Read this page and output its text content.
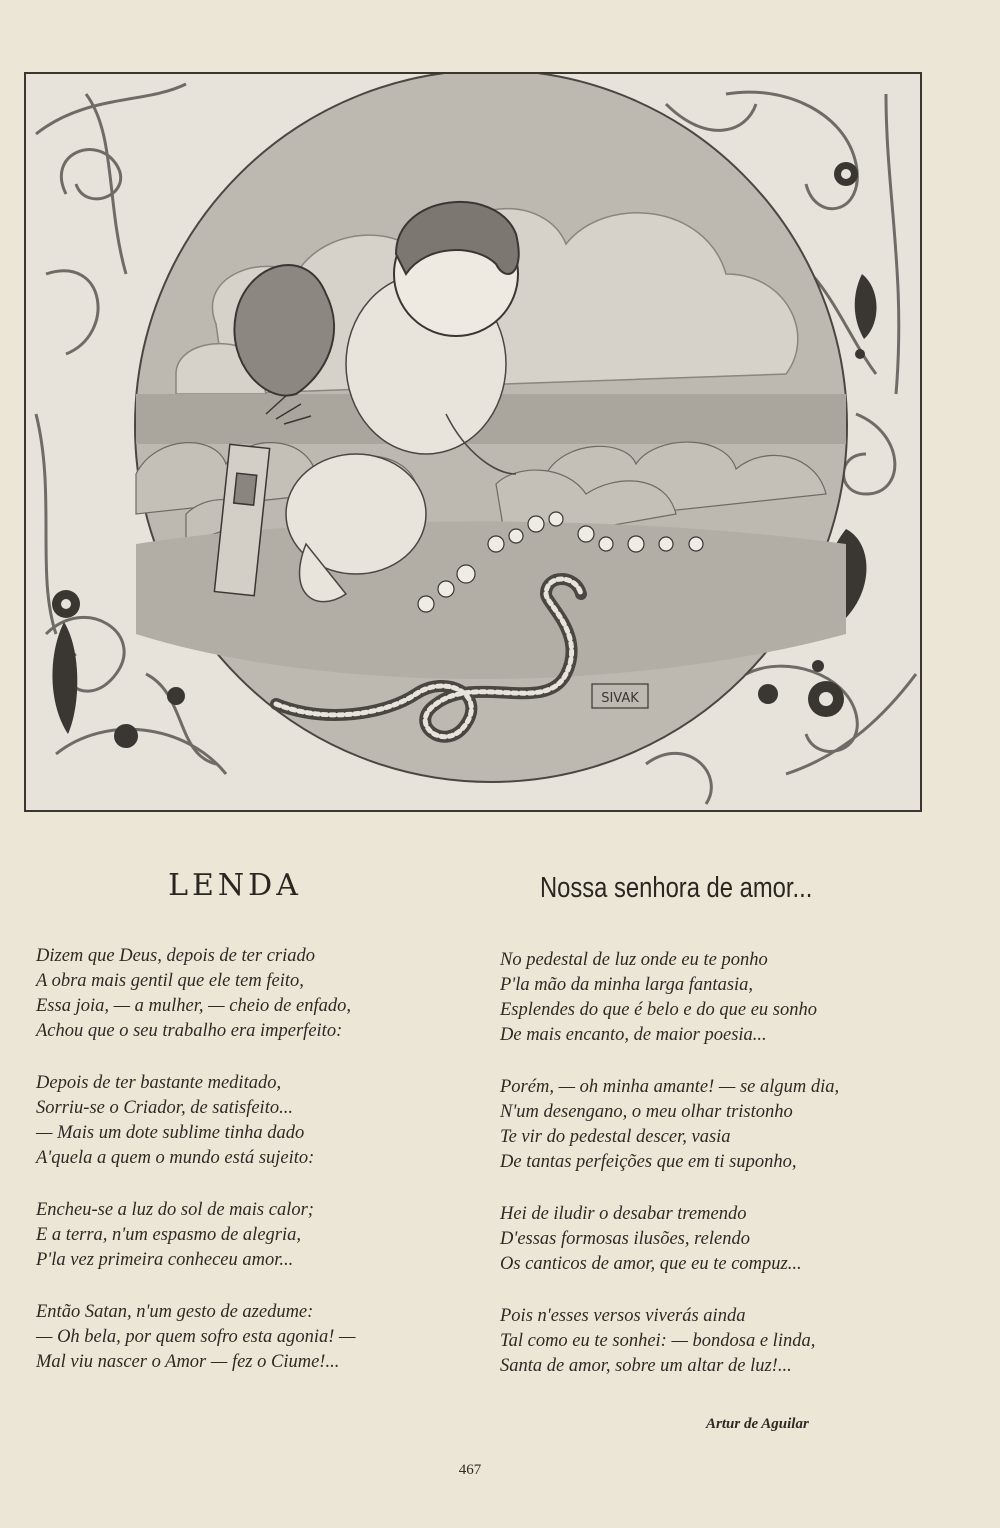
SIVAK
LENDA	Nossa senhora de amor...
Dizem que Deus, depois de ter criado
A obra mais gentil que ele tem feito,
Essa joia, — a mulher, — cheio de enfado,
Achou que o seu trabalho era imperfeito:
Depois de ter bastante meditado,
Sorriu-se o Criador, de satisfeito...
— Mais um dote sublime tinha dado
A'quela a quem o mundo está sujeito:
Encheu-se a luz do sol de mais calor;
E a terra, n'um espasmo de alegria,
P'la vez primeira conheceu amor...
Então Satan, n'um gesto de azedume:
— Oh bela, por quem sofro esta agonia! —
Mal viu nascer o Amor — fez o Ciume!...
No pedestal de luz onde eu te ponho
P'la mão da minha larga fantasia,
Esplendes do que é belo e do que eu sonho
De mais encanto, de maior poesia...
Porém, — oh minha amante! — se algum dia,
N'um desengano, o meu olhar tristonho
Te vir do pedestal descer, vasia
De tantas perfeições que em ti suponho,
Hei de iludir o desabar tremendo
D'essas formosas ilusões, relendo
Os canticos de amor, que eu te compuz...
Pois n'esses versos viverás ainda
Tal como eu te sonhei: — bondosa e linda,
Santa de amor, sobre um altar de luz!...
Artur de Aguilar
467
